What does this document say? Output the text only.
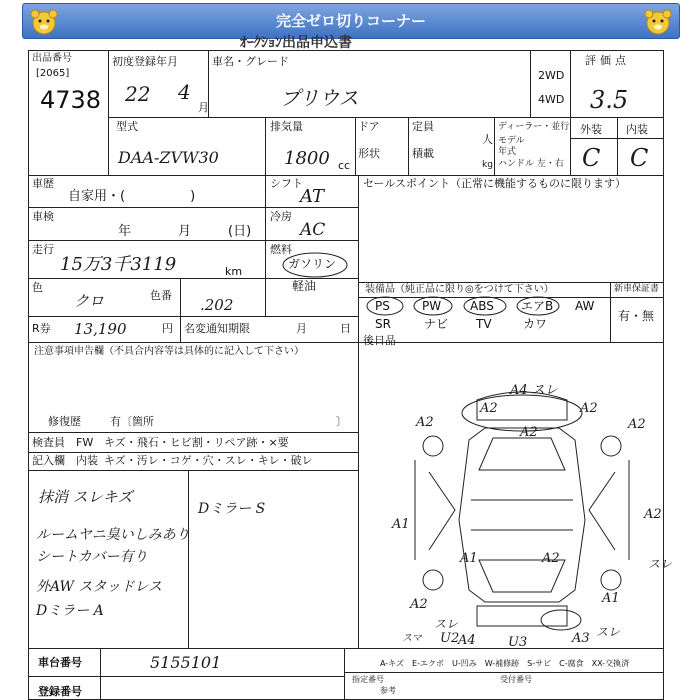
完全ゼロ切りコーナー
ｵｰｸｼｮﾝ出品申込書
出品番号
[2065]
4738
初度登録年月
22 4
月
車名・グレード
プリウス
2WD
4WD
評価点
3.5
型式
DAA-ZVW30
排気量
1800 cc
ドア	定員
人
形状	積載
kg
ディーラー・並行
モデル
年式
ハンドル 左・右
外装 内装
C C
車歴
自家用・(　　　　　)
シフト
AT
セールスポイント（正常に機能するものに限ります）
車検
年	月	(日)
冷房
AC
走行
15万3千3119	km
燃料
ガソリン
軽油
色
クロ	色番
.202
装備品（純正品に限り◎をつけて下さい）	新車保証書
有・無
PS	PW ABS エアB AW
SR	ナビ TV	カワ
R券 13,190	円 名変通知期限	月	日
後日品
注意事項申告欄（不具合内容等は具体的に記入して下さい）
修復歴	有〔箇所	〕
検査員
記入欄
FW キズ・飛石・ヒビ割・リペア跡・×要
内装 キズ・汚レ・コゲ・穴・スレ・キレ・破レ
抹消 スレキズ
ルームヤニ臭いしみあり
シートカバー有り
外AW スタッドレス
Dミラー A
Dミラー S
A4 スレ
A2	A2
A2
A2
A2
A1
A2
スレ
A1	A2
A2	A1
スレ
U2
A4 U3	A3 スレ
スマ
車台番号	5155101
登録番号
A-キズ　E-エクボ　U-凹み　W-補修跡　S-サビ　C-腐食　XX-交換済
指定番号
参考
受付番号
